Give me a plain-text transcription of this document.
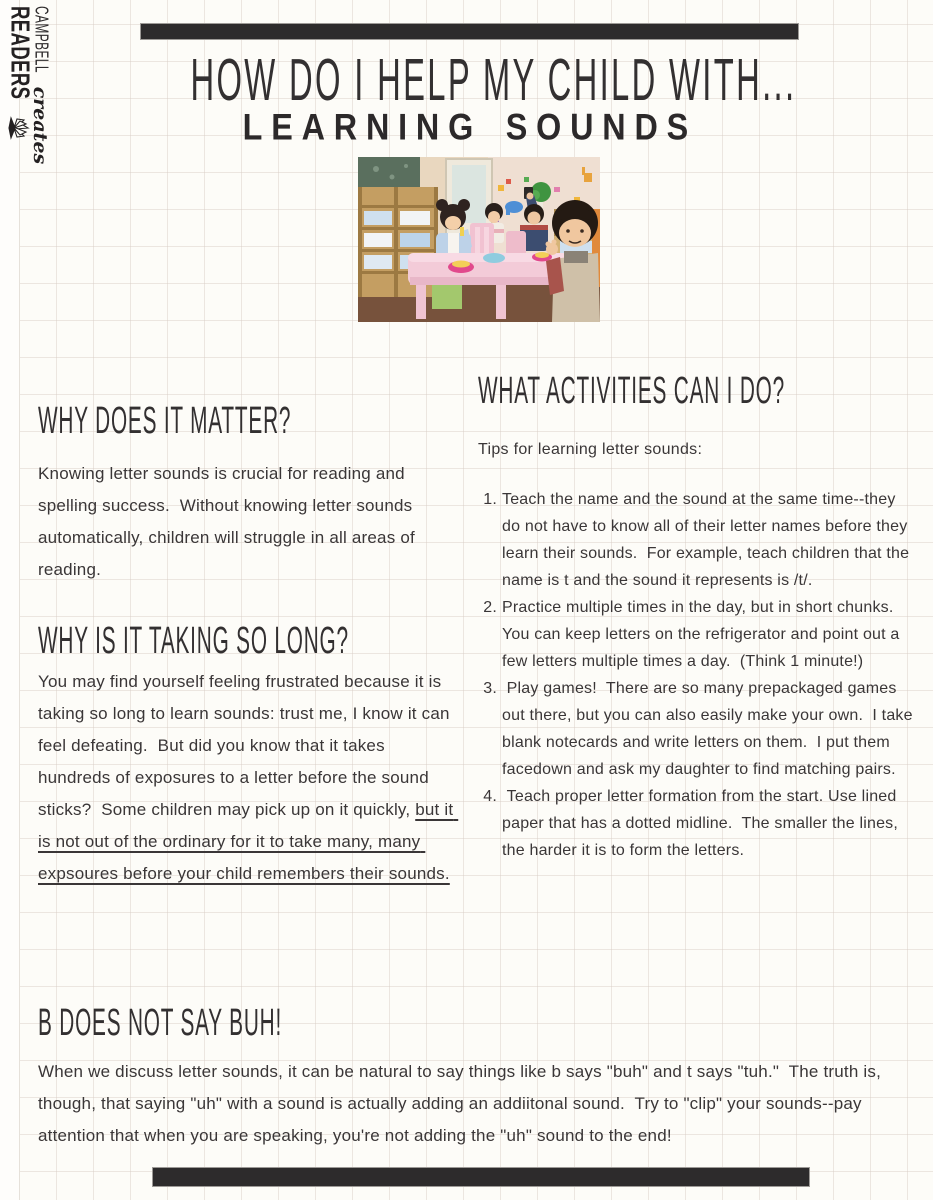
CAMPBELLcreates
READERS	HOW DO I HELP MY CHILD WITH...
LEARNING SOUNDS
WHY DOES IT MATTER?
Knowing letter sounds is crucial for reading and spelling success.  Without knowing letter sounds automatically, children will struggle in all areas of reading.
WHY IS IT TAKING SO LONG?
You may find yourself feeling frustrated because it is taking so long to learn sounds: trust me, I know it can feel defeating.  But did you know that it takes hundreds of exposures to a letter before the sound sticks?  Some children may pick up on it quickly, but it is not out of the ordinary for it to take many, many expsoures before your child remembers their sounds.
WHAT ACTIVITIES CAN I DO?
Tips for learning letter sounds:
1. Teach the name and the sound at the same time--they do not have to know all of their letter names before they learn their sounds.  For example, teach children that the name is t and the sound it represents is /t/.
2. Practice multiple times in the day, but in short chunks.  You can keep letters on the refrigerator and point out a few letters multiple times a day.  (Think 1 minute!)
3. Play games!  There are so many prepackaged games out there, but you can also easily make your own.  I take blank notecards and write letters on them.  I put them facedown and ask my daughter to find matching pairs.
4. Teach proper letter formation from the start. Use lined paper that has a dotted midline.  The smaller the lines, the harder it is to form the letters.
B DOES NOT SAY BUH!
When we discuss letter sounds, it can be natural to say things like b says "buh" and t says "tuh."  The truth is, though, that saying "uh" with a sound is actually adding an addiitonal sound.  Try to "clip" your sounds--pay attention that when you are speaking, you're not adding the "uh" sound to the end!
